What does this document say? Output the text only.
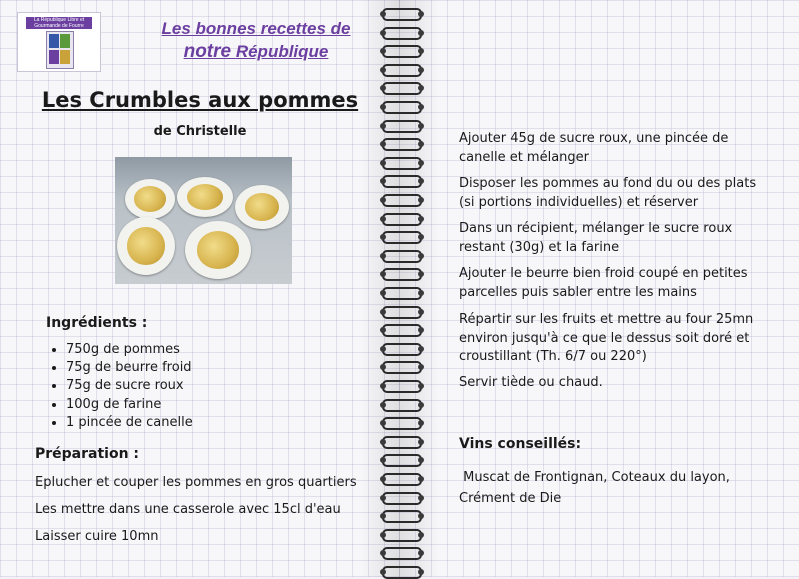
La République Libre et Gourmande de Fourre	Les bonnes recettes de
notre République
Les Crumbles aux pommes
de Christelle
Ingrédients :
• 750g de pommes
• 75g de beurre froid
• 75g de sucre roux
• 100g de farine
• 1 pincée de canelle
Préparation :
Eplucher et couper les pommes en gros quartiers
Les mettre dans une casserole avec 15cl d'eau
Laisser cuire 10mn
Ajouter 45g de sucre roux, une pincée de
canelle et mélanger
Disposer les pommes au fond du ou des plats
(si portions individuelles) et réserver
Dans un récipient, mélanger le sucre roux
restant (30g) et la farine
Ajouter le beurre bien froid coupé en petites
parcelles puis sabler entre les mains
Répartir sur les fruits et mettre au four 25mn
environ jusqu'à ce que le dessus soit doré et
croustillant (Th. 6/7 ou 220°)
Servir tiède ou chaud.
Vins conseillés:
Muscat de Frontignan, Coteaux du layon,
Crément de Die
